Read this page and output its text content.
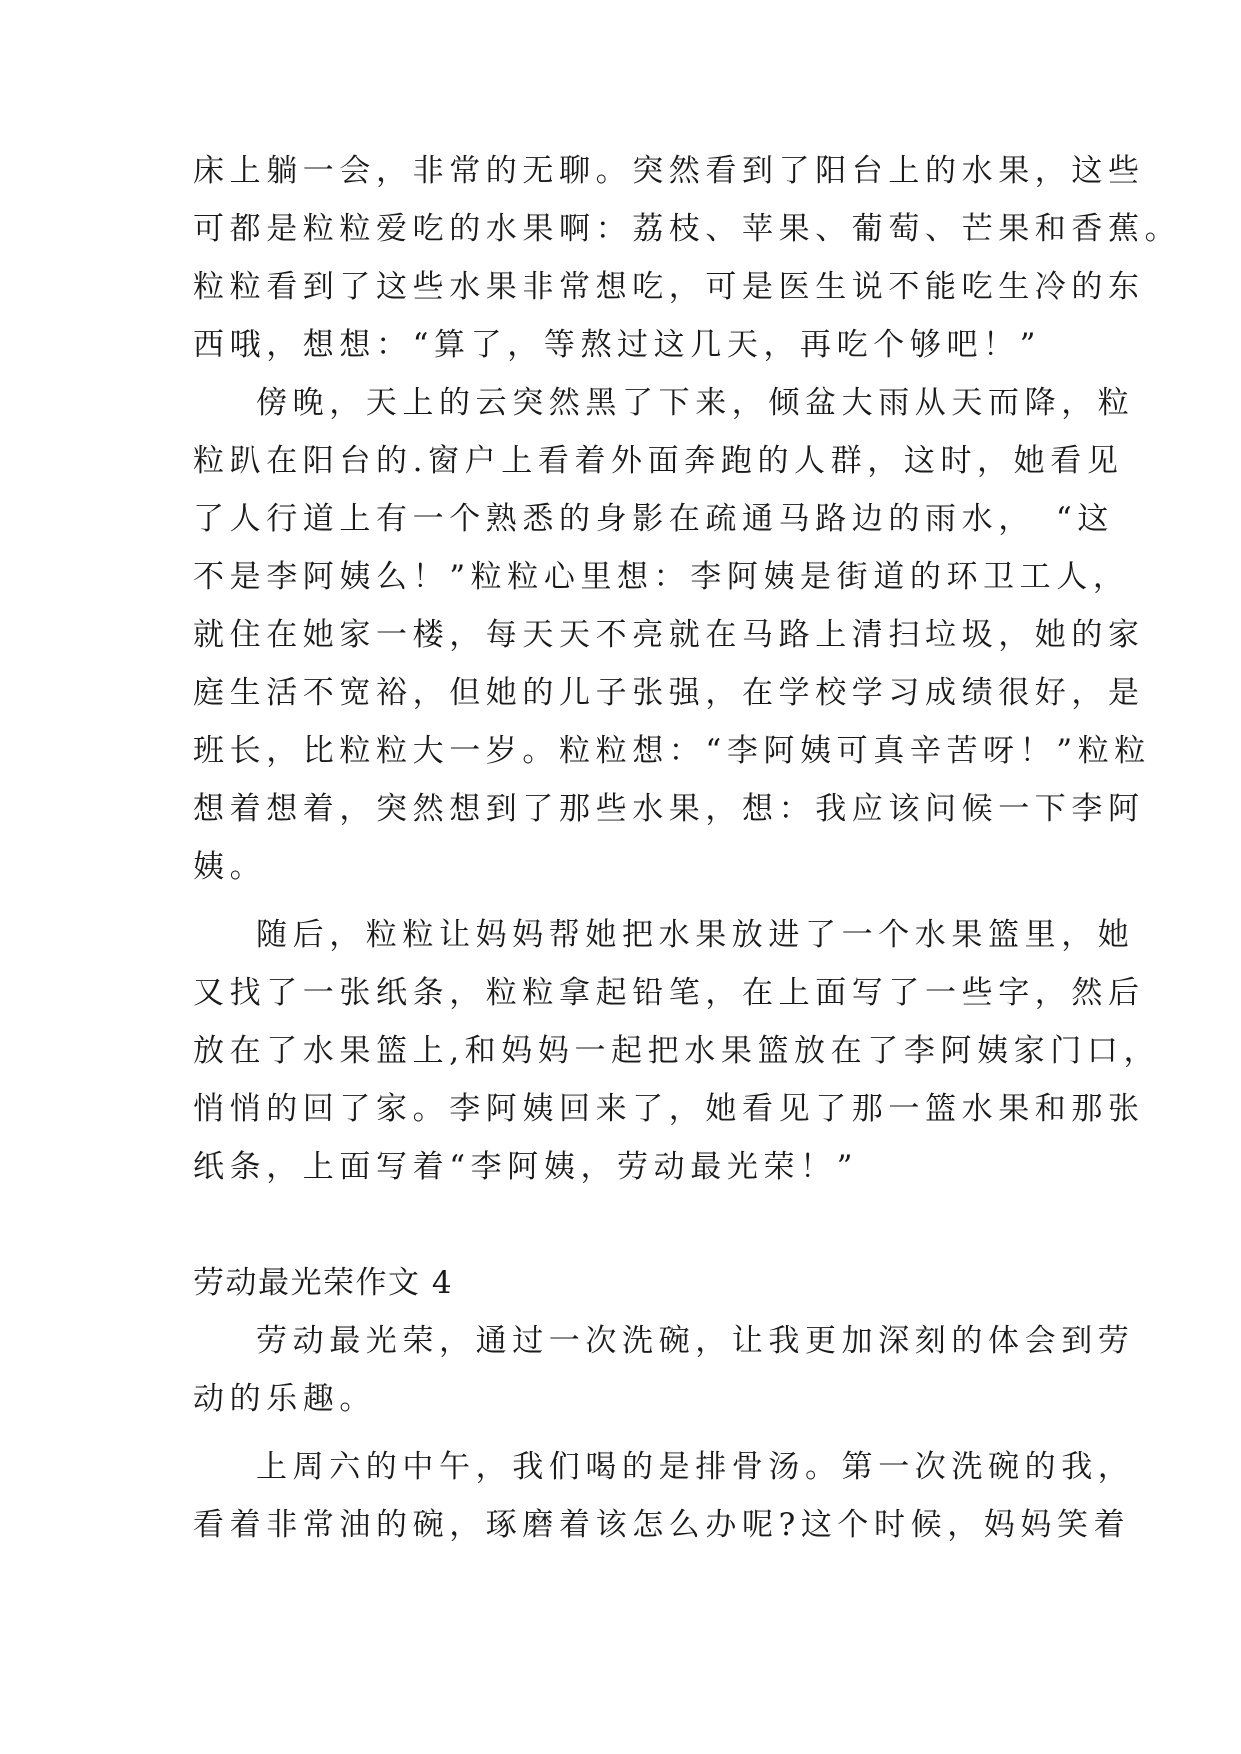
床上躺一会，非常的无聊。突然看到了阳台上的水果，这些
可都是粒粒爱吃的水果啊：荔枝、苹果、葡萄、芒果和香蕉。
粒粒看到了这些水果非常想吃，可是医生说不能吃生冷的东
西哦，想想：“算了，等熬过这几天，再吃个够吧！”
傍晚，天上的云突然黑了下来，倾盆大雨从天而降，粒
粒趴在阳台的.窗户上看着外面奔跑的人群，这时，她看见
了人行道上有一个熟悉的身影在疏通马路边的雨水，　“这
不是李阿姨么！”粒粒心里想：李阿姨是街道的环卫工人，
就住在她家一楼，每天天不亮就在马路上清扫垃圾，她的家
庭生活不宽裕，但她的儿子张强，在学校学习成绩很好，是
班长，比粒粒大一岁。粒粒想：“李阿姨可真辛苦呀！”粒粒
想着想着，突然想到了那些水果，想：我应该问候一下李阿
姨。
随后，粒粒让妈妈帮她把水果放进了一个水果篮里，她
又找了一张纸条，粒粒拿起铅笔，在上面写了一些字，然后
放在了水果篮上,和妈妈一起把水果篮放在了李阿姨家门口，
悄悄的回了家。李阿姨回来了，她看见了那一篮水果和那张
纸条，上面写着“李阿姨，劳动最光荣！”
劳动最光荣作文 4
劳动最光荣，通过一次洗碗，让我更加深刻的体会到劳
动的乐趣。
上周六的中午，我们喝的是排骨汤。第一次洗碗的我，
看着非常油的碗，琢磨着该怎么办呢?这个时候，妈妈笑着
